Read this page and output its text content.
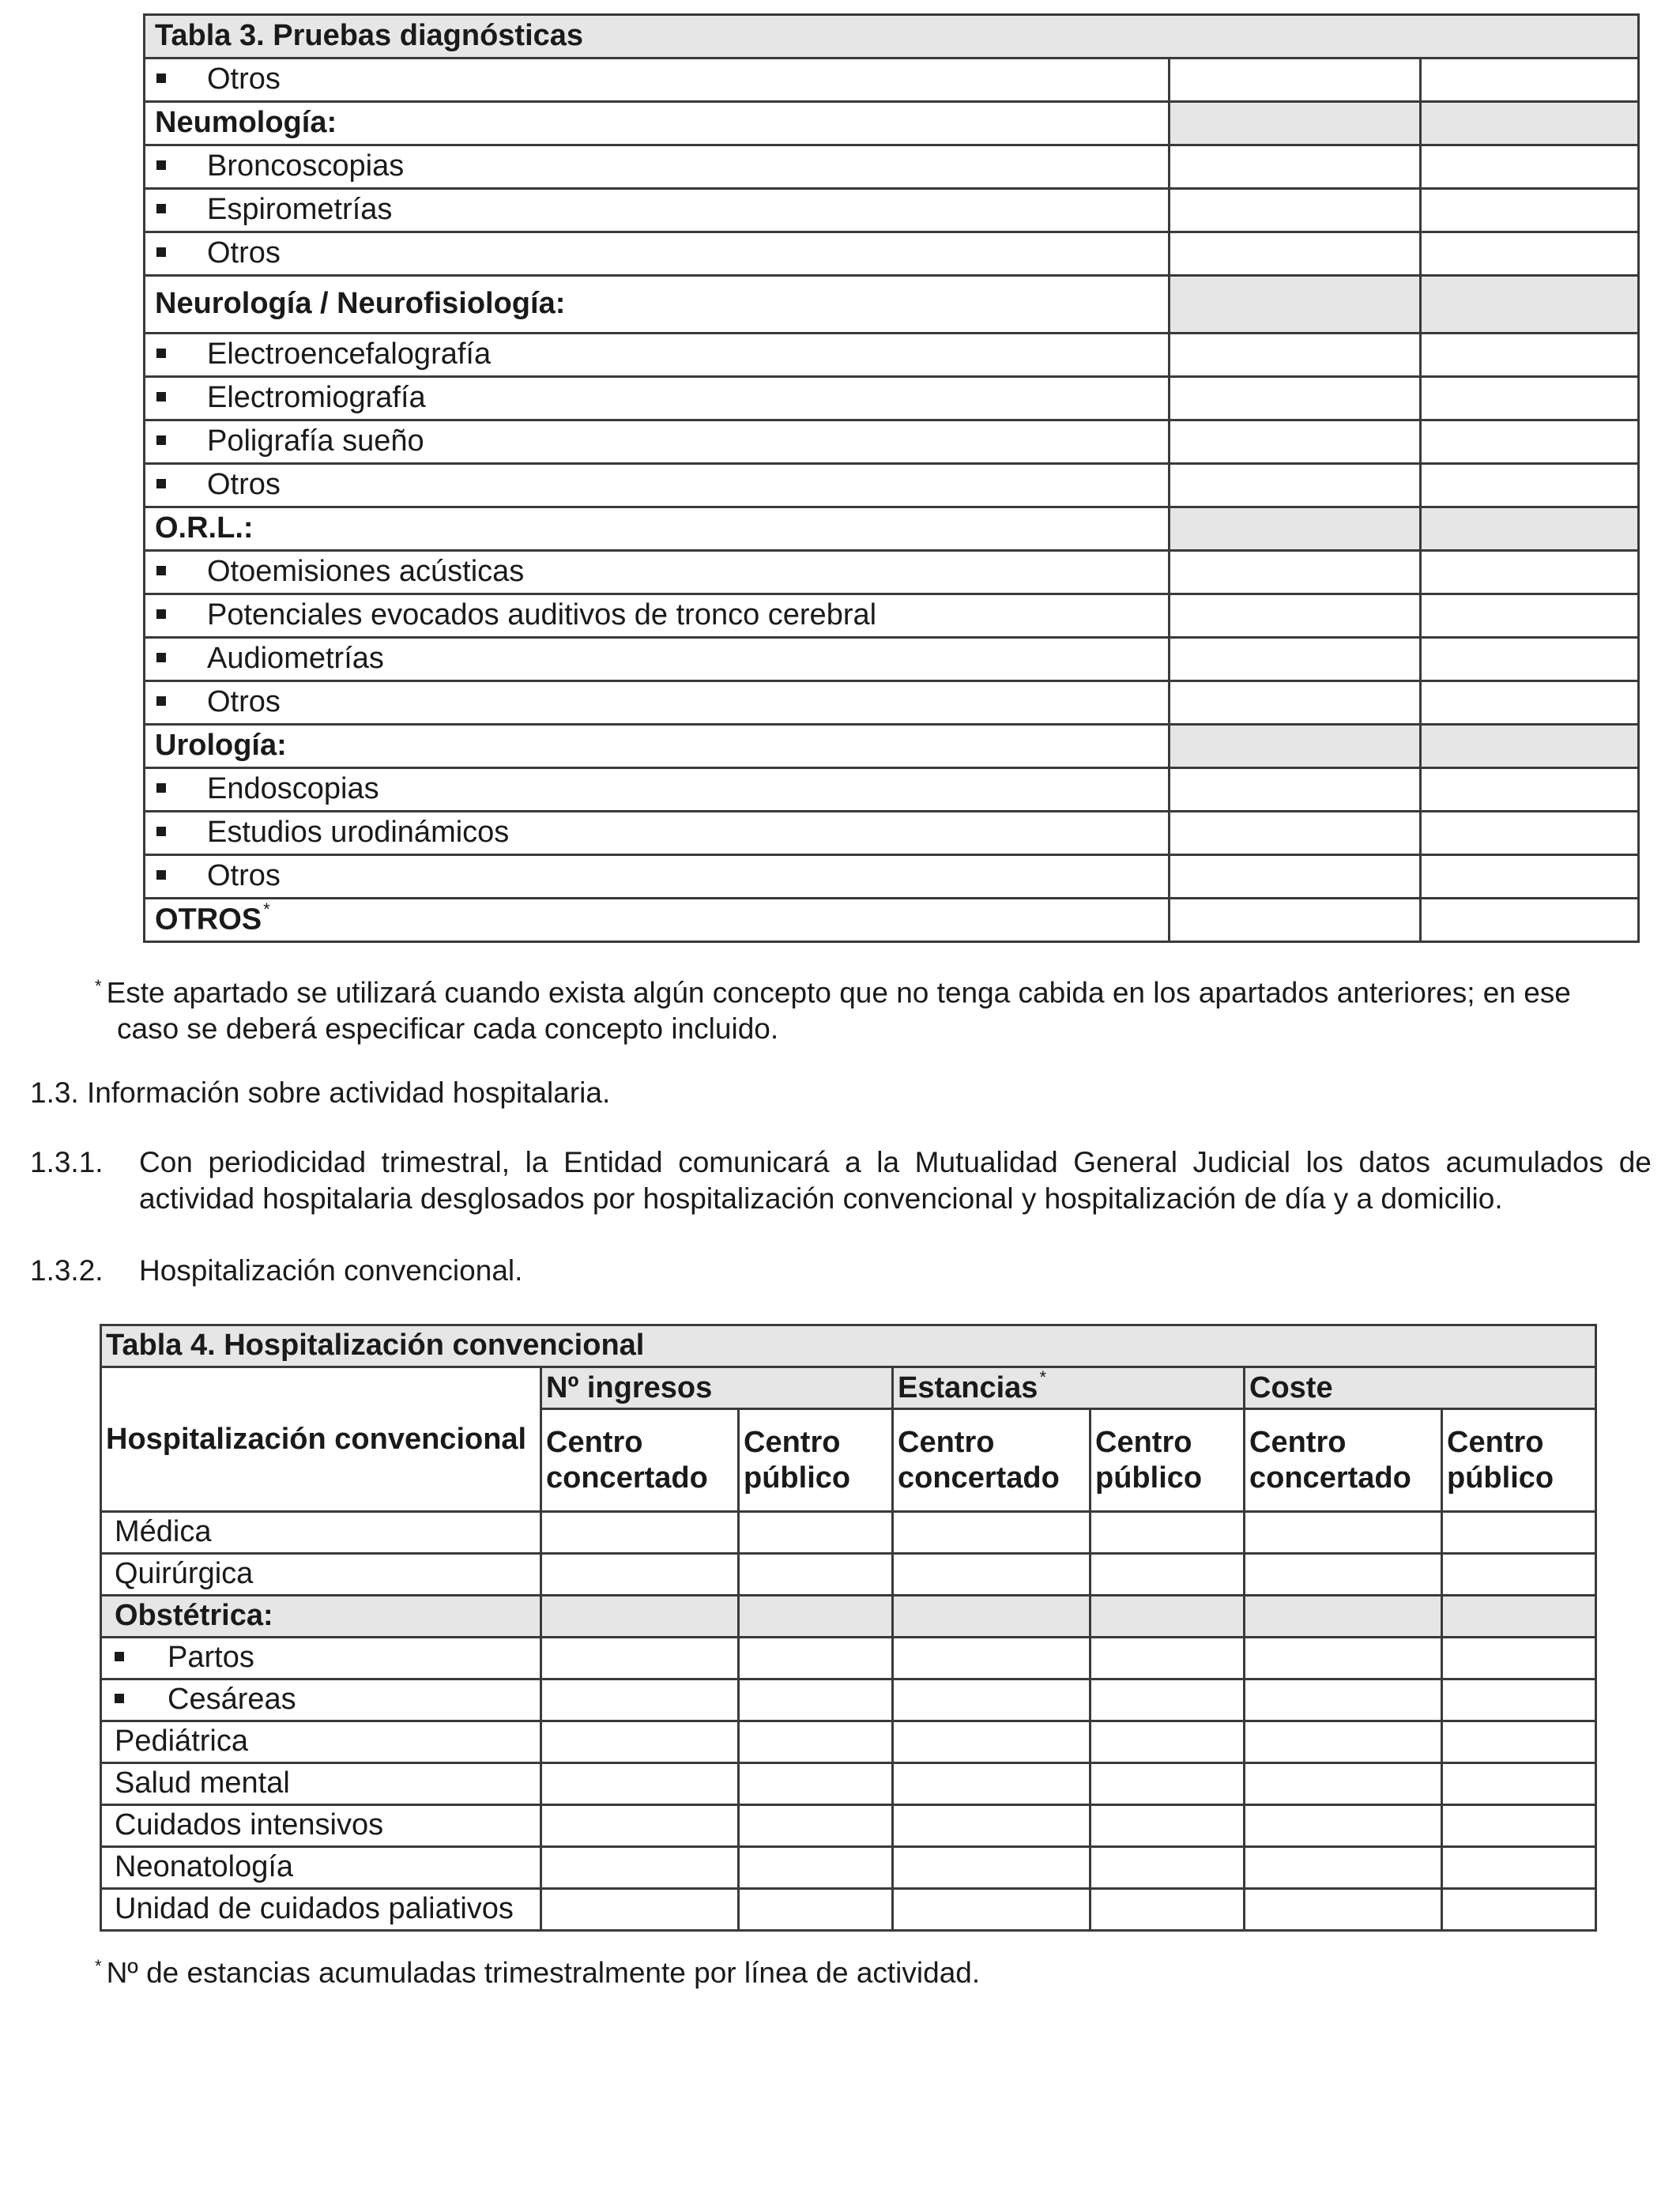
Tabla 3. Pruebas diagnósticas		
Otros		
Neumología:		
Broncoscopias		
Espirometrías		
Otros		
Neurología / Neurofisiología:		
Electroencefalografía		
Electromiografía		
Poligrafía sueño		
Otros		
O.R.L.:		
Otoemisiones acústicas		
Potenciales evocados auditivos de tronco cerebral		
Audiometrías		
Otros		
Urología:		
Endoscopias		
Estudios urodinámicos		
Otros		
OTROS*		
* Este apartado se utilizará cuando exista algún concepto que no tenga cabida en los apartados anteriores; en ese
caso se deberá especificar cada concepto incluido.
1.3. Información sobre actividad hospitalaria.
1.3.1.	Con periodicidad trimestral, la Entidad comunicará a la Mutualidad General Judicial los datos acumulados de
actividad hospitalaria desglosados por hospitalización convencional y hospitalización de día y a domicilio.
1.3.2. Hospitalización convencional.
Tabla 4. Hospitalización convencional						
Hospitalización convencional	Nº ingresos		Estancias*		Coste	
	Centro concertado	Centro público	Centro concertado	Centro público	Centro concertado	Centro público
Médica						
Quirúrgica						
Obstétrica:						
Partos						
Cesáreas						
Pediátrica						
Salud mental						
Cuidados intensivos						
Neonatología						
Unidad de cuidados paliativos						
* Nº de estancias acumuladas trimestralmente por línea de actividad.
